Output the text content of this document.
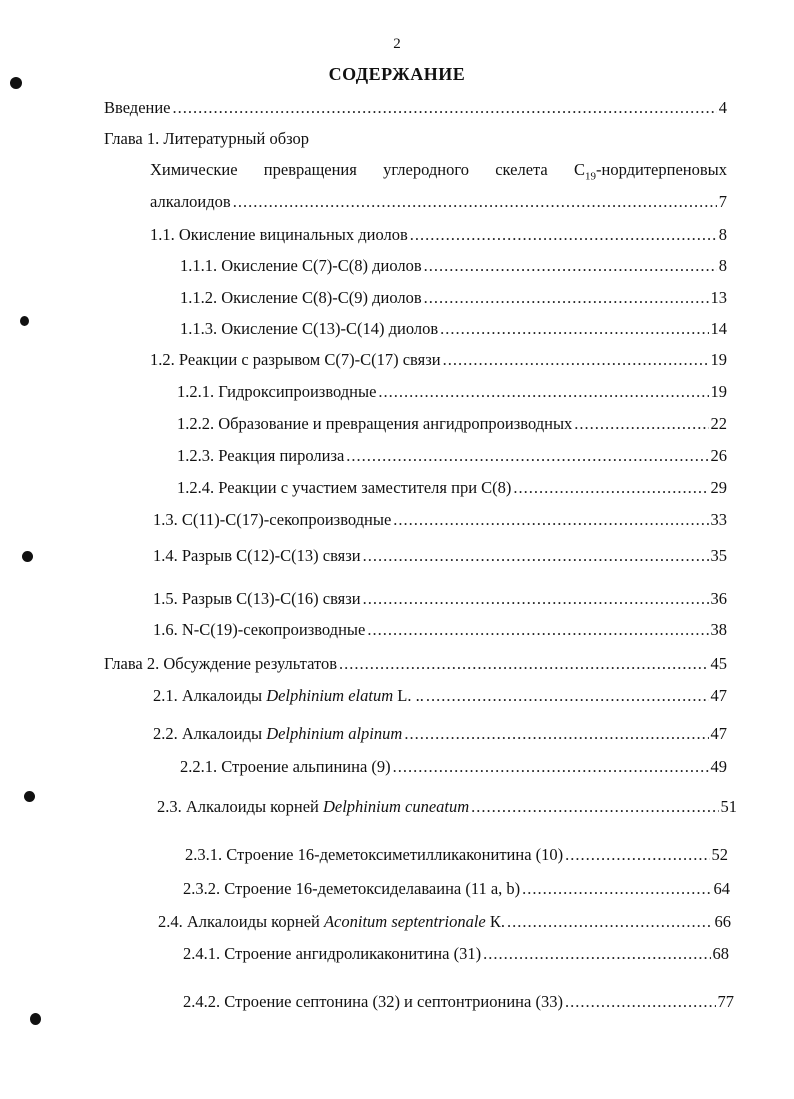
2
СОДЕРЖАНИЕ
Введение .....	4
Глава 1. Литературный обзор
Химические превращения углеродного скелета $С_{19}$-нордитерпеновых
алкалоидов .....	7
1.1. Окисление вицинальных диолов .....	8
1.1.1. Окисление С(7)-С(8) диолов .....	8
1.1.2. Окисление С(8)-С(9) диолов .....	13
1.1.3. Окисление С(13)-С(14) диолов .....	14
1.2. Реакции с разрывом С(7)-С(17) связи .....	19
1.2.1. Гидроксипроизводные .....	19
1.2.2. Образование и превращения ангидропроизводных .....	22
1.2.3. Реакция пиролиза .....	26
1.2.4. Реакции с участием заместителя при С(8) .....	29
1.3. С(11)-С(17)-секопроизводные .....	33
1.4. Разрыв С(12)-С(13) связи .....	35
1.5. Разрыв С(13)-С(16) связи .....	36
1.6. N-С(19)-секопроизводные .....	38
Глава 2. Обсуждение результатов .....	45
2.1. Алкалоиды Delphinium elatum L. .. .....	47
2.2. Алкалоиды Delphinium alpinum .....	47
2.2.1. Строение альпинина (9) .....	49
2.3. Алкалоиды корней Delphinium cuneatum .....	51
2.3.1. Строение 16-деметоксиметилликаконитина (10) .....	52
2.3.2. Строение 16-деметоксиделаваина (11 а, b) .....	64
2.4. Алкалоиды корней Aconitum septentrionale К. .....	66
2.4.1. Строение ангидроликаконитина (31) .....	68
2.4.2. Строение септонина (32) и септонтрионина (33) .....	77
